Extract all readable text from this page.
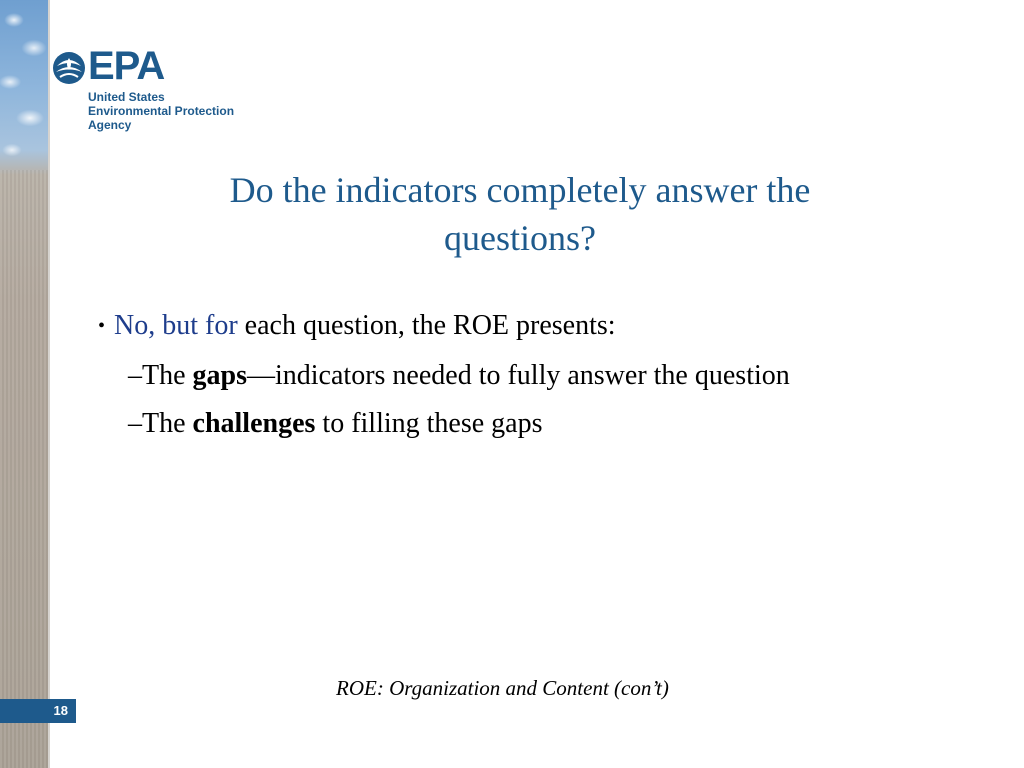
EPA
United States
Environmental Protection
Agency
Do the indicators completely answer the
questions?
• No, but for each question, the ROE presents:
–The gaps—indicators needed to fully answer the question
–The challenges to filling these gaps
ROE: Organization and Content (con’t)
18
